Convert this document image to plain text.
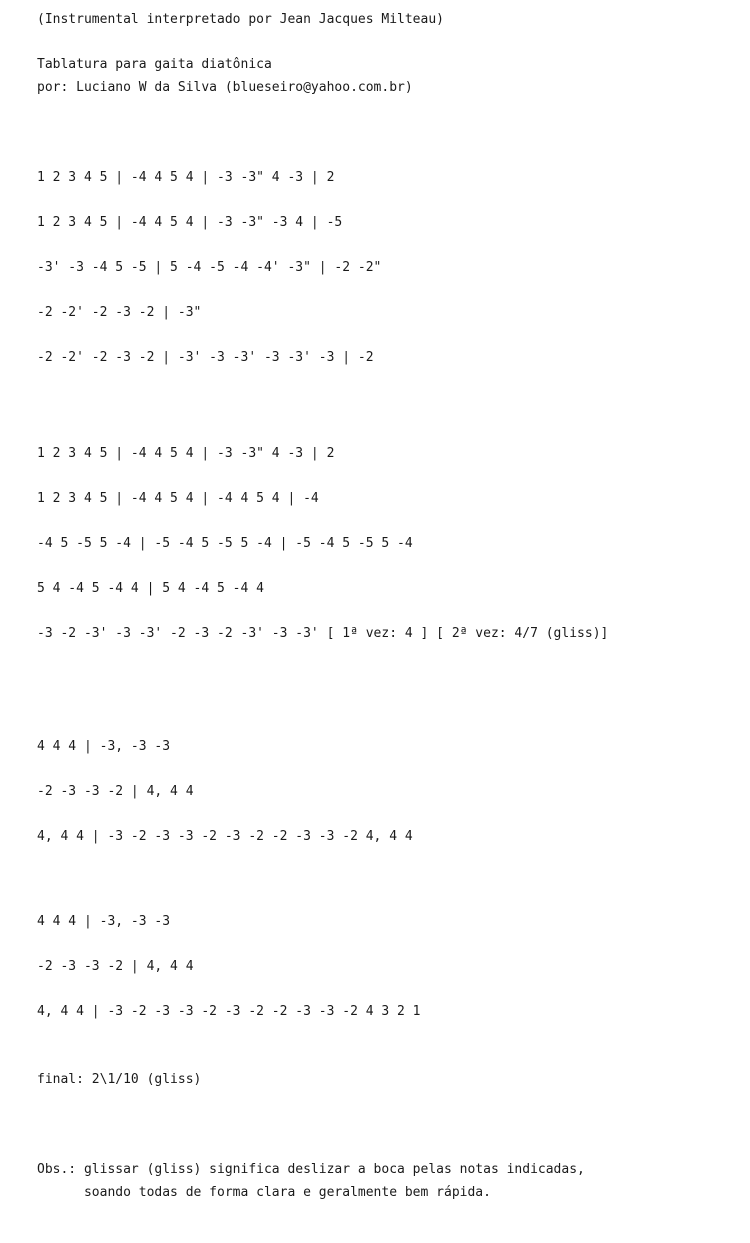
(Instrumental interpretado por Jean Jacques Milteau)
Tablatura para gaita diatônica
por: Luciano W da Silva (blueseiro@yahoo.com.br)
1 2 3 4 5 | -4 4 5 4 | -3 -3" 4 -3 | 2
1 2 3 4 5 | -4 4 5 4 | -3 -3" -3 4 | -5
-3' -3 -4 5 -5 | 5 -4 -5 -4 -4' -3" | -2 -2"
-2 -2' -2 -3 -2 | -3"
-2 -2' -2 -3 -2 | -3' -3 -3' -3 -3' -3 | -2
1 2 3 4 5 | -4 4 5 4 | -3 -3" 4 -3 | 2
1 2 3 4 5 | -4 4 5 4 | -4 4 5 4 | -4
-4 5 -5 5 -4 | -5 -4 5 -5 5 -4 | -5 -4 5 -5 5 -4
5 4 -4 5 -4 4 | 5 4 -4 5 -4 4
-3 -2 -3' -3 -3' -2 -3 -2 -3' -3 -3' [ 1ª vez: 4 ] [ 2ª vez: 4/7 (gliss)]
4 4 4 | -3, -3 -3
-2 -3 -3 -2 | 4, 4 4
4, 4 4 | -3 -2 -3 -3 -2 -3 -2 -2 -3 -3 -2 4, 4 4
4 4 4 | -3, -3 -3
-2 -3 -3 -2 | 4, 4 4
4, 4 4 | -3 -2 -3 -3 -2 -3 -2 -2 -3 -3 -2 4 3 2 1
final: 2\1/10 (gliss)
Obs.: glissar (gliss) significa deslizar a boca pelas notas indicadas,
soando todas de forma clara e geralmente bem rápida.
